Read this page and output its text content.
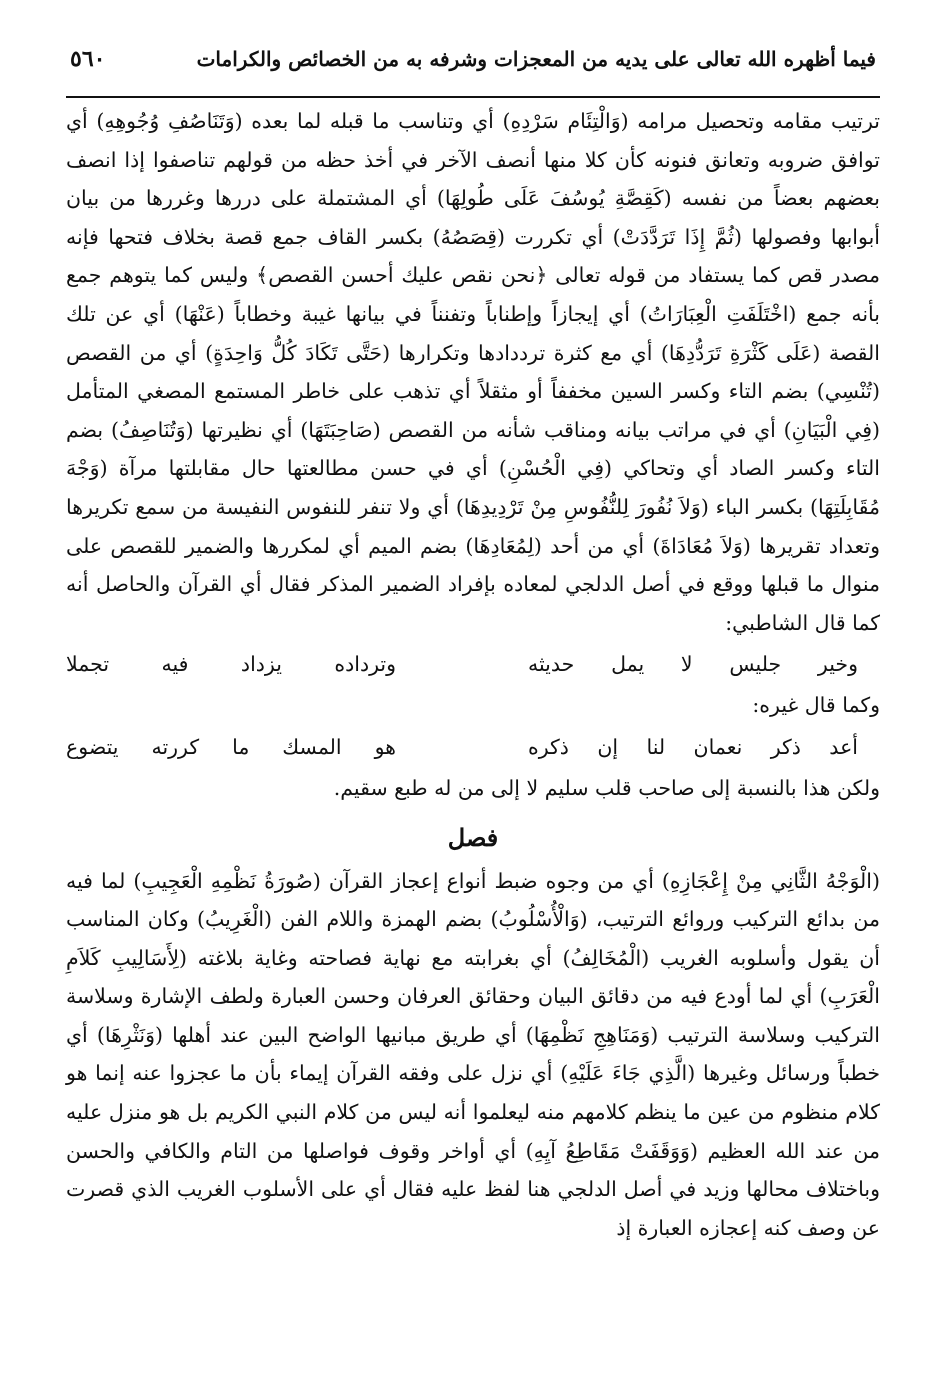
فيما أظهره الله تعالى على يديه من المعجزات وشرفه به من الخصائص والكرامات
٥٦٠

ترتيب مقامه وتحصيل مرامه (وَالْتِئَام سَرْدِهِ) أي وتناسب ما قبله لما بعده (وَتَنَاصُفِ وُجُوهِهِ) أي توافق ضروبه وتعانق فنونه كأن كلا منها أنصف الآخر في أخذ حظه من قولهم تناصفوا إذا انصف بعضهم بعضاً من نفسه (كَقِصَّةِ يُوسُفَ عَلَى طُولِهَا) أي المشتملة على دررها وغررها من بيان أبوابها وفصولها (ثُمَّ إِذَا تَرَدَّدَتْ) أي تكررت (قِصَصُهُ) بكسر القاف جمع قصة بخلاف فتحها فإنه مصدر قص كما يستفاد من قوله تعالى ﴿نحن نقص عليك أحسن القصص﴾ وليس كما يتوهم جمع بأنه جمع (اخْتَلَفَتِ الْعِبَارَاتُ) أي إيجازاً وإطناباً وتفنناً في بيانها غيبة وخطاباً (عَنْهَا) أي عن تلك القصة (عَلَى كَثْرَةِ تَرَدُّدِهَا) أي مع كثرة ترددادها وتكرارها (حَتَّى تَكَادَ كُلُّ وَاحِدَةٍ) أي من القصص (تُنْسِي) بضم التاء وكسر السين مخففاً أو مثقلاً أي تذهب على خاطر المستمع المصغي المتأمل (فِي الْبَيَانِ) أي في مراتب بيانه ومناقب شأنه من القصص (صَاحِبَتَهَا) أي نظيرتها (وَتُنَاصِفُ) بضم التاء وكسر الصاد أي وتحاكي (فِي الْحُسْنِ) أي في حسن مطالعتها حال مقابلتها مرآة (وَجْهَ مُقَابِلَتِهَا) بكسر الباء (وَلاَ نُفُورَ لِلنُّفُوسِ مِنْ تَرْدِيدِهَا) أي ولا تنفر للنفوس النفيسة من سمع تكريرها وتعداد تقريرها (وَلاَ مُعَادَاةَ) أي من أحد (لِمُعَادِهَا) بضم الميم أي لمكررها والضمير للقصص على منوال ما قبلها ووقع في أصل الدلجي لمعاده بإفراد الضمير المذكر فقال أي القرآن والحاصل أنه كما قال الشاطبي:

وخير جليس لا يمل حديثه
وترداده يزداد فيه تجملا

وكما قال غيره:

أعد ذكر نعمان لنا إن ذكره
هو المسك ما كررته يتضوع

ولكن هذا بالنسبة إلى صاحب قلب سليم لا إلى من له طبع سقيم.

فصل

(الْوَجْهُ الثَّانِي مِنْ إِعْجَازِهِ) أي من وجوه ضبط أنواع إعجاز القرآن (صُورَةُ نَظْمِهِ الْعَجِيبِ) لما فيه من بدائع التركيب وروائع الترتيب، (وَالْأُسْلُوبُ) بضم الهمزة واللام الفن (الْغَرِيبُ) وكان المناسب أن يقول وأسلوبه الغريب (الْمُخَالِفُ) أي بغرابته مع نهاية فصاحته وغاية بلاغته (لِأَسَالِيبِ كَلاَمِ الْعَرَبِ) أي لما أودع فيه من دقائق البيان وحقائق العرفان وحسن العبارة ولطف الإشارة وسلاسة التركيب وسلاسة الترتيب (وَمَنَاهِجِ نَظْمِهَا) أي طريق مبانيها الواضح البين عند أهلها (وَنَثْرِهَا) أي خطباً ورسائل وغيرها (الَّذِي جَاءَ عَلَيْهِ) أي نزل على وفقه القرآن إيماء بأن ما عجزوا عنه إنما هو كلام منظوم من عين ما ينظم كلامهم منه ليعلموا أنه ليس من كلام النبي الكريم بل هو منزل عليه من عند الله العظيم (وَوَقَفَتْ مَقَاطِعُ آيِهِ) أي أواخر وقوف فواصلها من التام والكافي والحسن وباختلاف محالها وزيد في أصل الدلجي هنا لفظ عليه فقال أي على الأسلوب الغريب الذي قصرت عن وصف كنه إعجازه العبارة إذ
